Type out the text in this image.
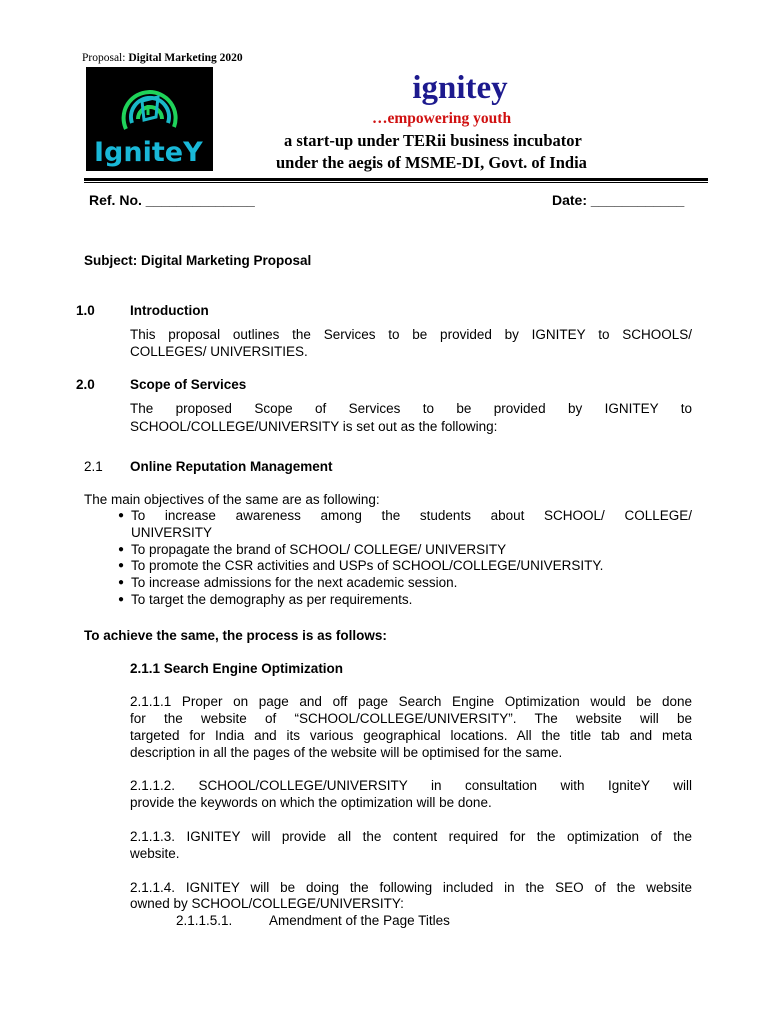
Proposal: Digital Marketing 2020
IgniteY
ignitey
…empowering youth
a start-up under TERii business incubator
under the aegis of MSME-DI, Govt. of India
Ref. No. ______________	Date: ____________
Subject: Digital Marketing Proposal
1.0	Introduction
This proposal outlines the Services to be provided by IGNITEY to SCHOOLS/
COLLEGES/ UNIVERSITIES.
2.0	Scope of Services
The proposed Scope of Services to be provided by IGNITEY to
SCHOOL/COLLEGE/UNIVERSITY is set out as the following:
2.1 Online Reputation Management
The main objectives of the same are as following:
● To increase awareness among the students about SCHOOL/ COLLEGE/
UNIVERSITY
● To propagate the brand of SCHOOL/ COLLEGE/ UNIVERSITY
● To promote the CSR activities and USPs of SCHOOL/COLLEGE/UNIVERSITY.
● To increase admissions for the next academic session.
● To target the demography as per requirements.
To achieve the same, the process is as follows:
2.1.1 Search Engine Optimization
2.1.1.1 Proper on page and off page Search Engine Optimization would be done
for the website of “SCHOOL/COLLEGE/UNIVERSITY”. The website will be
targeted for India and its various geographical locations. All the title tab and meta
description in all the pages of the website will be optimised for the same.
2.1.1.2. SCHOOL/COLLEGE/UNIVERSITY in consultation with IgniteY will
provide the keywords on which the optimization will be done.
2.1.1.3. IGNITEY will provide all the content required for the optimization of the
website.
2.1.1.4. IGNITEY will be doing the following included in the SEO of the website
owned by SCHOOL/COLLEGE/UNIVERSITY:
2.1.1.5.1.	Amendment of the Page Titles
